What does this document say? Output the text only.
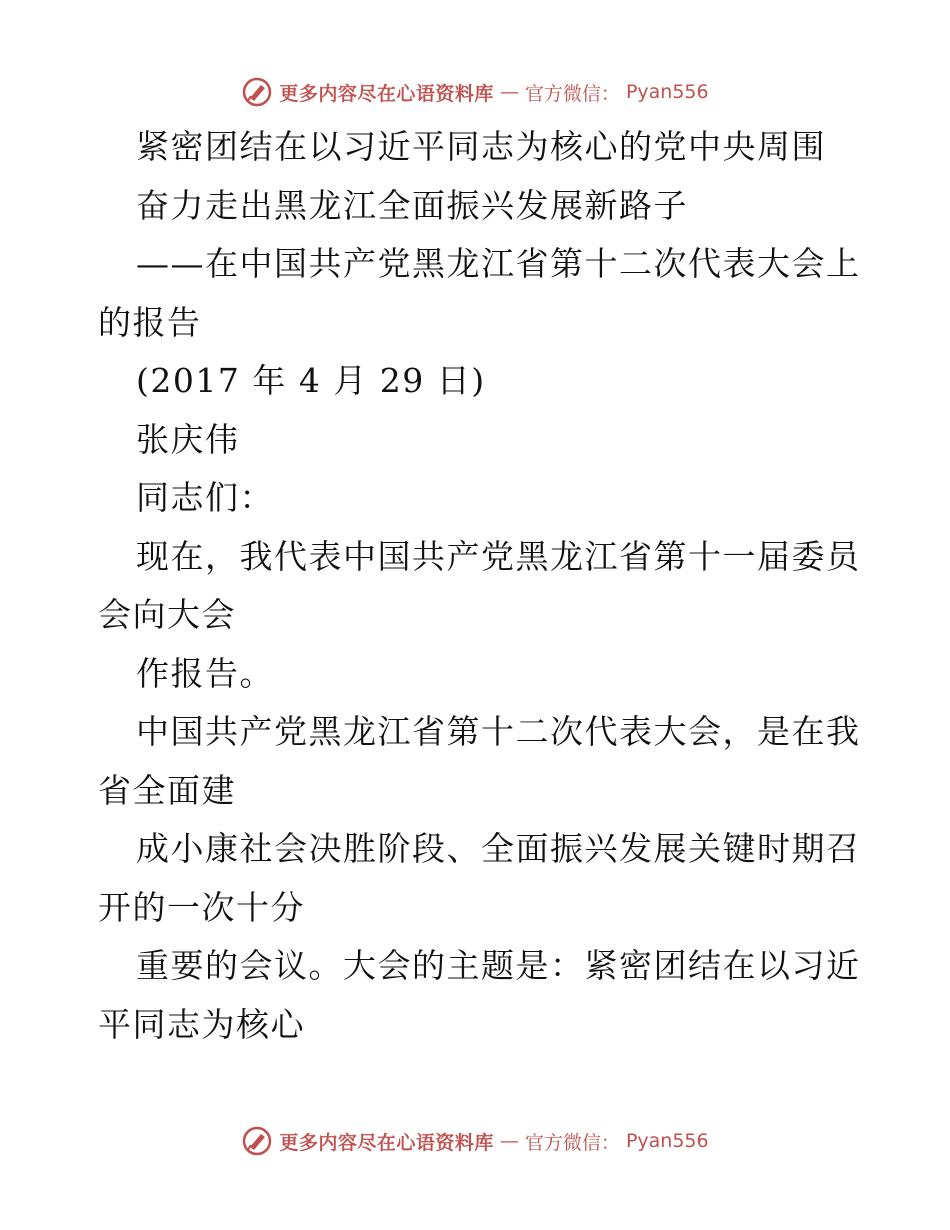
更多内容尽在心语资料库 — 官方微信： Pyan556
紧密团结在以习近平同志为核心的党中央周围
奋力走出黑龙江全面振兴发展新路子
——在中国共产党黑龙江省第十二次代表大会上
的报告
(2017 年 4 月 29 日)
张庆伟
同志们：
现在，我代表中国共产党黑龙江省第十一届委员
会向大会
作报告。
中国共产党黑龙江省第十二次代表大会，是在我
省全面建
成小康社会决胜阶段、全面振兴发展关键时期召
开的一次十分
重要的会议。大会的主题是：紧密团结在以习近
平同志为核心
更多内容尽在心语资料库 — 官方微信： Pyan556
